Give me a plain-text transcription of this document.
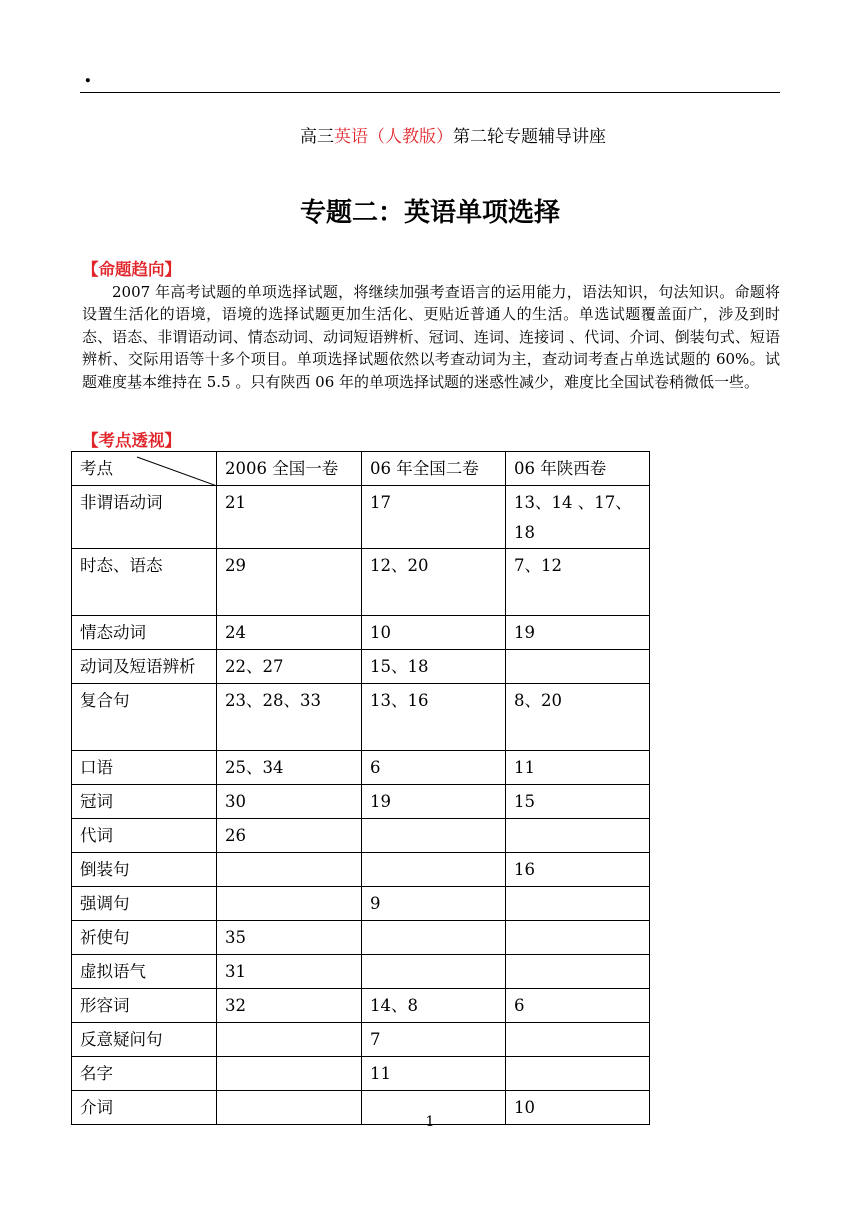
.
高三英语（人教版）第二轮专题辅导讲座
专题二：英语单项选择
【命题趋向】
2007 年高考试题的单项选择试题，将继续加强考查语言的运用能力，语法知识，句法知识。命题将设置生活化的语境，语境的选择试题更加生活化、更贴近普通人的生活。单选试题覆盖面广，涉及到时态、语态、非谓语动词、情态动词、动词短语辨析、冠词、连词、连接词 、代词、介词、倒装句式、短语辨析、交际用语等十多个项目。单项选择试题依然以考查动词为主，查动词考查占单选试题的 60%。试题难度基本维持在 5.5 。只有陕西 06 年的单项选择试题的迷惑性减少，难度比全国试卷稍微低一些。
【考点透视】
考点	2006 全国一卷	06 年全国二卷	06 年陕西卷
非谓语动词	21	17	13、14 、17、18
时态、语态	29	12、20	7、12
情态动词	24	10	19
动词及短语辨析	22、27	15、18	
复合句	23、28、33	13、16	8、20
口语	25、34	6	11
冠词	30	19	15
代词	26		
倒装句			16
强调句		9	
祈使句	35		
虚拟语气	31		
形容词	32	14、8	6
反意疑问句		7	
名字		11	
介词			10
1
